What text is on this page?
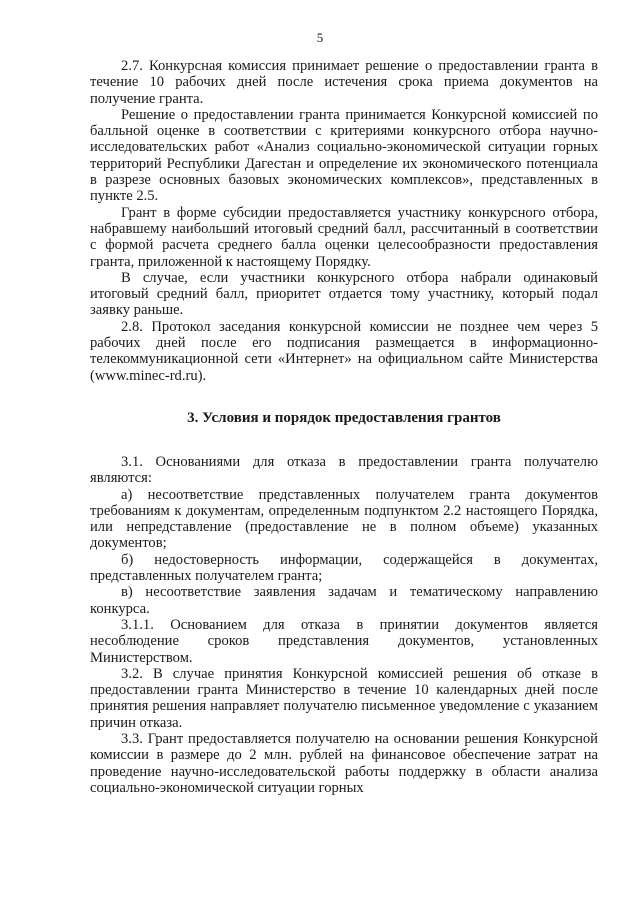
5

2.7. Конкурсная комиссия принимает решение о предоставлении гранта в течение 10 рабочих дней после истечения срока приема документов на получение гранта.

Решение о предоставлении гранта принимается Конкурсной комиссией по балльной оценке в соответствии с критериями конкурсного отбора научно-исследовательских работ «Анализ социально-экономической ситуации горных территорий Республики Дагестан и определение их экономического потенциала в разрезе основных базовых экономических комплексов», представленных в пункте 2.5.

Грант в форме субсидии предоставляется участнику конкурсного отбора, набравшему наибольший итоговый средний балл, рассчитанный в соответствии с формой расчета среднего балла оценки целесообразности предоставления гранта, приложенной к настоящему Порядку.

В случае, если участники конкурсного отбора набрали одинаковый итоговый средний балл, приоритет отдается тому участнику, который подал заявку раньше.

2.8. Протокол заседания конкурсной комиссии не позднее чем через 5 рабочих дней после его подписания размещается в информационно-телекоммуникационной сети «Интернет» на официальном сайте Министерства (www.minec-rd.ru).

3. Условия и порядок предоставления грантов

3.1. Основаниями для отказа в предоставлении гранта получателю являются:

а) несоответствие представленных получателем гранта документов требованиям к документам, определенным подпунктом 2.2 настоящего Порядка, или непредставление (предоставление не в полном объеме) указанных документов;

б) недостоверность информации, содержащейся в документах, представленных получателем гранта;

в) несоответствие заявления задачам и тематическому направлению конкурса.

3.1.1. Основанием для отказа в принятии документов является несоблюдение сроков представления документов, установленных Министерством.

3.2. В случае принятия Конкурсной комиссией решения об отказе в предоставлении гранта Министерство в течение 10 календарных дней после принятия решения направляет получателю письменное уведомление с указанием причин отказа.

3.3. Грант предоставляется получателю на основании решения Конкурсной комиссии в размере до 2 млн. рублей на финансовое обеспечение затрат на проведение научно-исследовательской работы поддержку в области анализа социально-экономической ситуации горных
